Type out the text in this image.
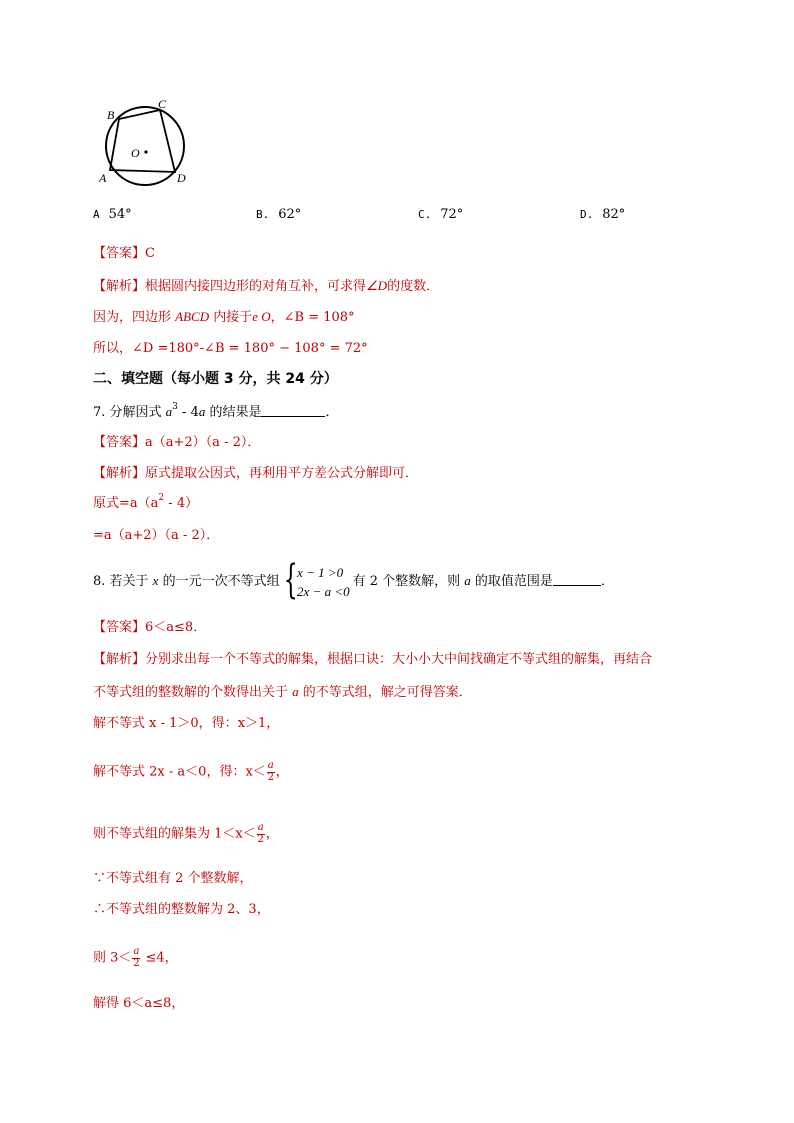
B
C
O
A	D
A 54°	B. 62°	C. 72°	D. 82°
【答案】C
【解析】根据圆内接四边形的对角互补，可求得∠D的度数．
因为，四边形 ABCD 内接于e O，∠B = 108°
所以，∠D =180°-∠B = 180° − 108° = 72°
二、填空题（每小题 3 分，共 24 分）
7. 分解因式 $a^3 - 4a$ 的结果是	．
【答案】a（a+2）（a - 2）．
【解析】原式提取公因式，再利用平方差公式分解即可．
原式$=a(a^2 - 4)$
=a（a+2）（a - 2）．
8. 若关于 x 的一元一次不等式组 { x − 1 >0
2x − a <0
有 2 个整数解，则 a 的取值范围是	．
【答案】6＜a≤8．
【解析】分别求出每一个不等式的解集，根据口诀：大小小大中间找确定不等式组的解集，再结合
不等式组的整数解的个数得出关于 a 的不等式组，解之可得答案．
解不等式 x - 1＞0，得：x＞1，
解不等式 2x - a＜0，得：$x< \frac{a}{2}$ ，
则不等式组的解集为 $1<x< \frac{a}{2}$ ，
∵不等式组有 2 个整数解，
∴不等式组的整数解为 2、3，
则 $3< \frac{a}{2} \le 4$，
解得 6＜a≤8，
